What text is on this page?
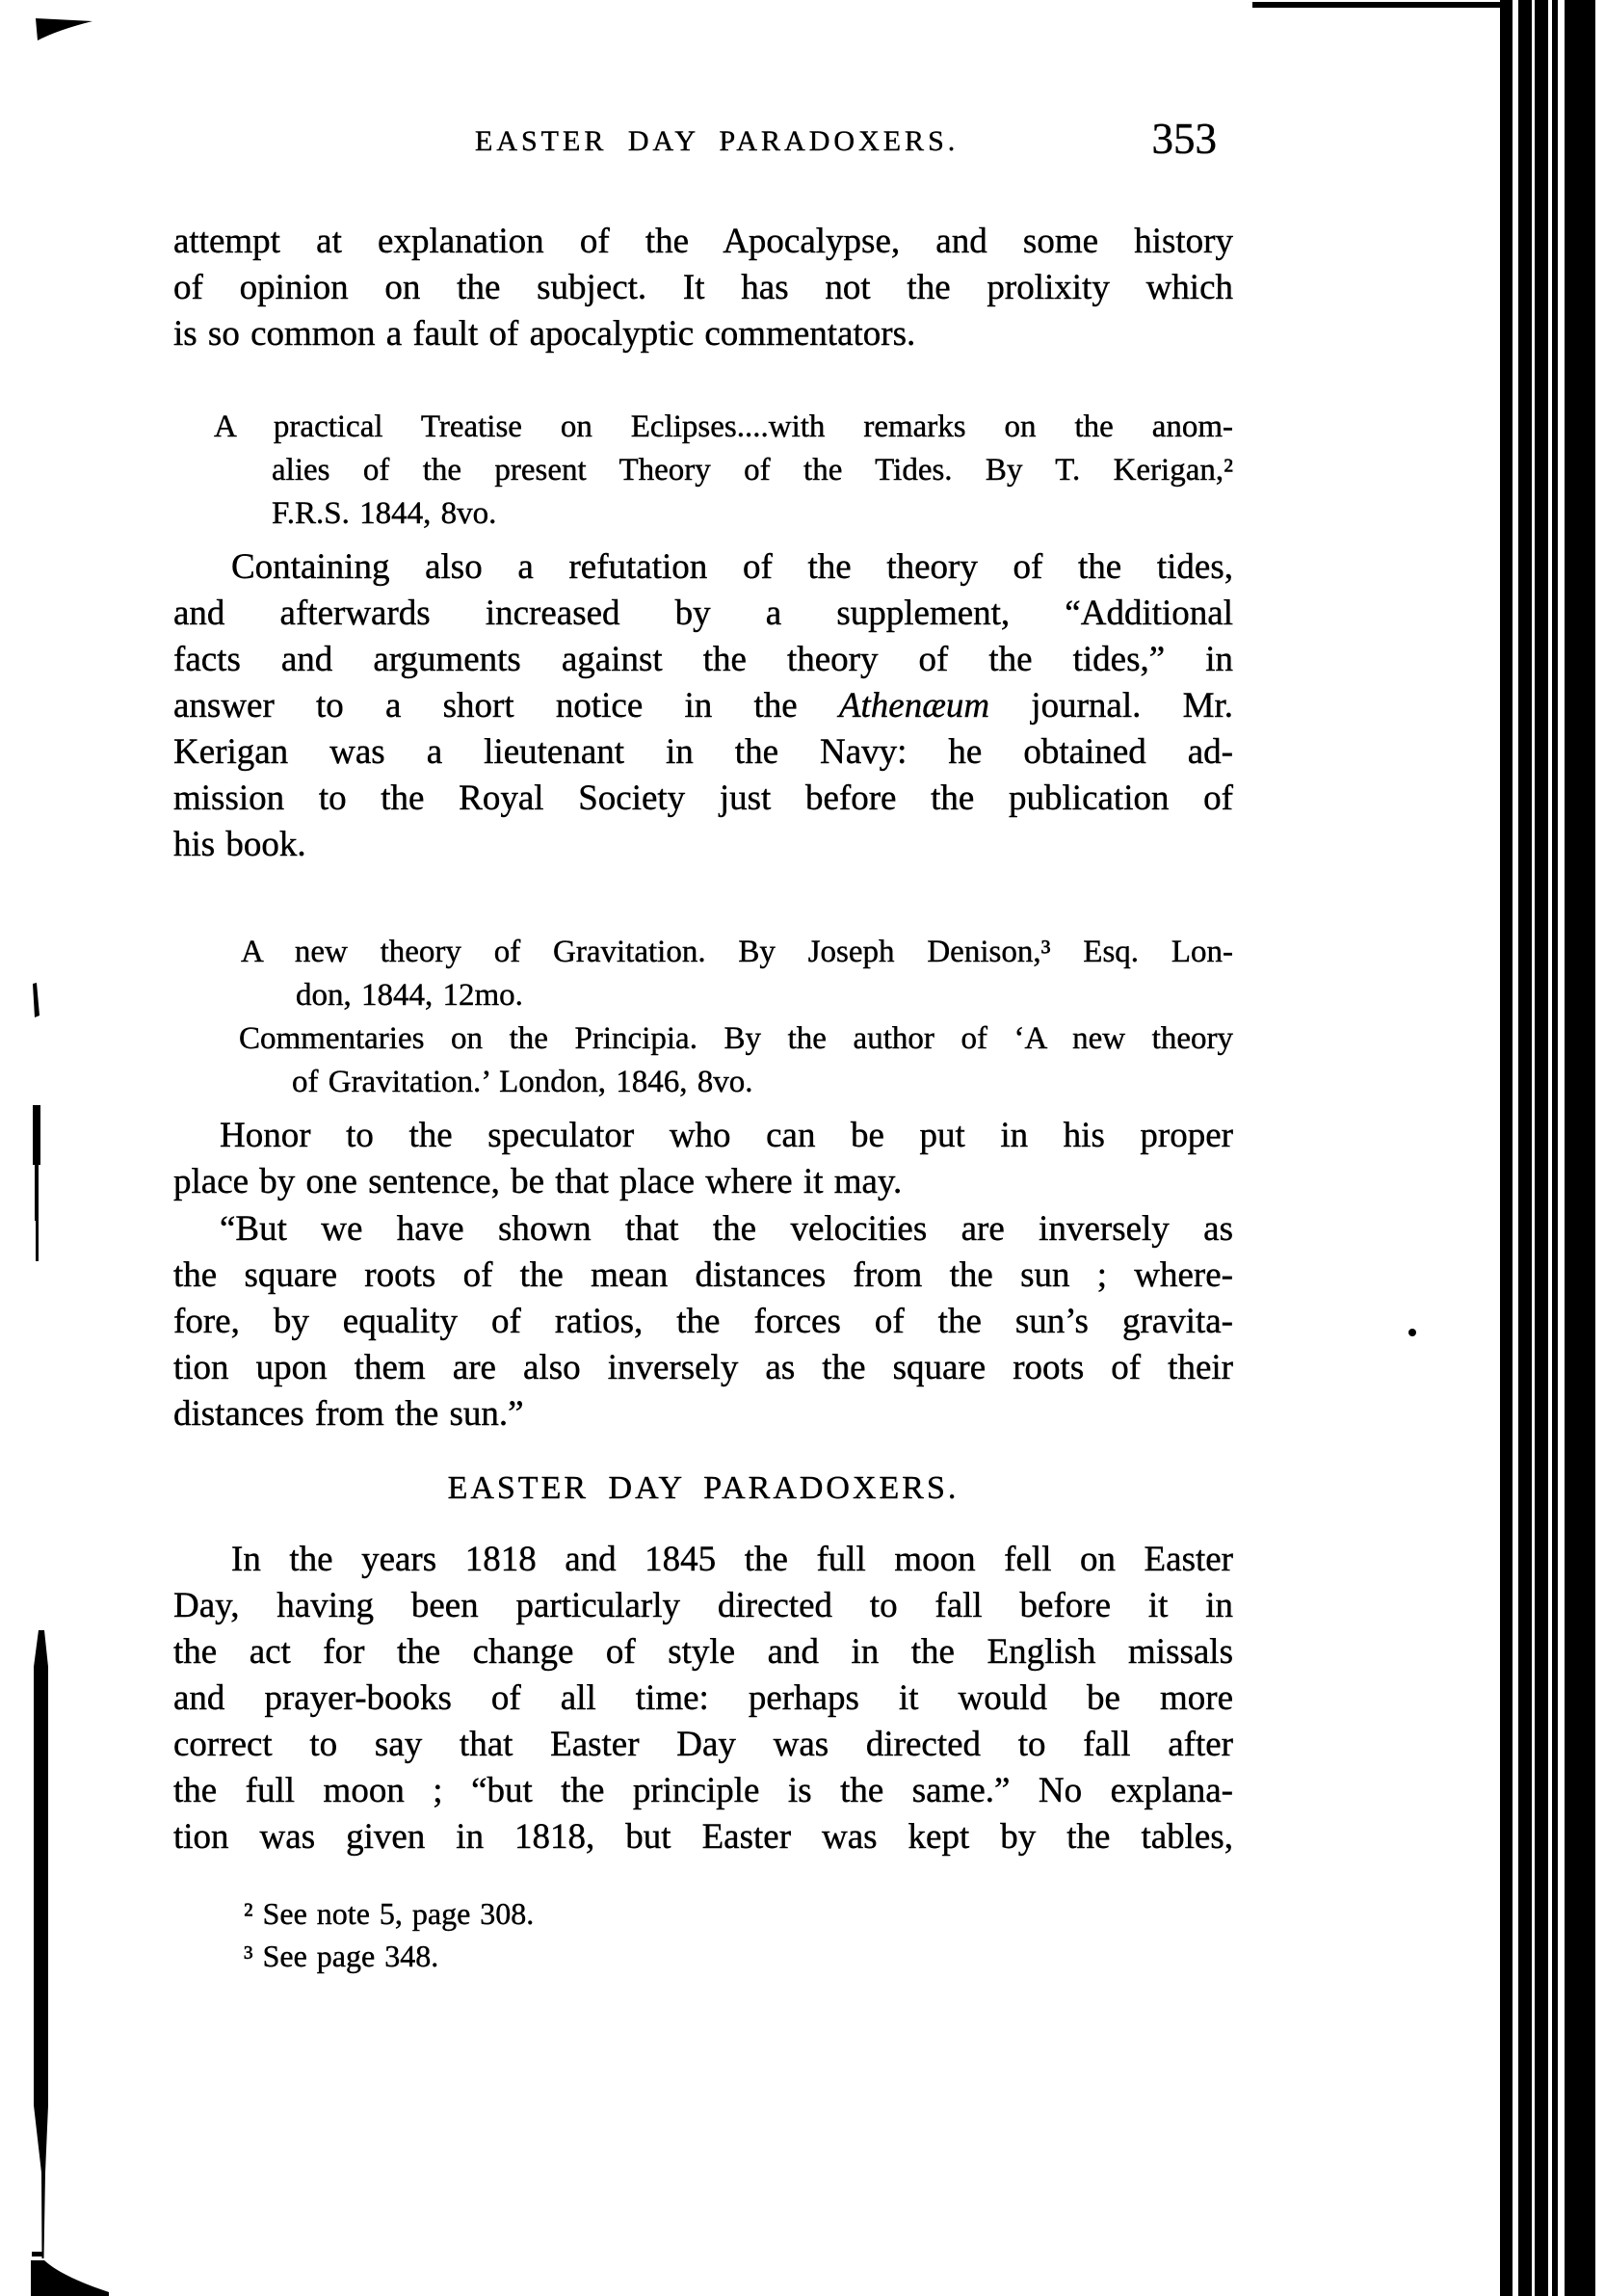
EASTER DAY PARADOXERS.	353
attempt at explanation of the Apocalypse, and some history
of opinion on the subject. It has not the prolixity which
is so common a fault of apocalyptic commentators.
A practical Treatise on Eclipses....with remarks on the anom-
alies of the present Theory of the Tides. By T. Kerigan,²
F.R.S. 1844, 8vo.
Containing also a refutation of the theory of the tides,
and afterwards increased by a supplement, “Additional
facts and arguments against the theory of the tides,” in
answer to a short notice in the Athenæum journal. Mr.
Kerigan was a lieutenant in the Navy: he obtained ad-
mission to the Royal Society just before the publication of
his book.
A new theory of Gravitation. By Joseph Denison,³ Esq. Lon-
don, 1844, 12mo.
Commentaries on the Principia. By the author of ‘A new theory
of Gravitation.’ London, 1846, 8vo.
Honor to the speculator who can be put in his proper
place by one sentence, be that place where it may.
“But we have shown that the velocities are inversely as
the square roots of the mean distances from the sun ; where-
fore, by equality of ratios, the forces of the sun’s gravita-
tion upon them are also inversely as the square roots of their
distances from the sun.”
EASTER DAY PARADOXERS.
In the years 1818 and 1845 the full moon fell on Easter
Day, having been particularly directed to fall before it in
the act for the change of style and in the English missals
and prayer-books of all time: perhaps it would be more
correct to say that Easter Day was directed to fall after
the full moon ; “but the principle is the same.” No explana-
tion was given in 1818, but Easter was kept by the tables,
² See note 5, page 308.
³ See page 348.
